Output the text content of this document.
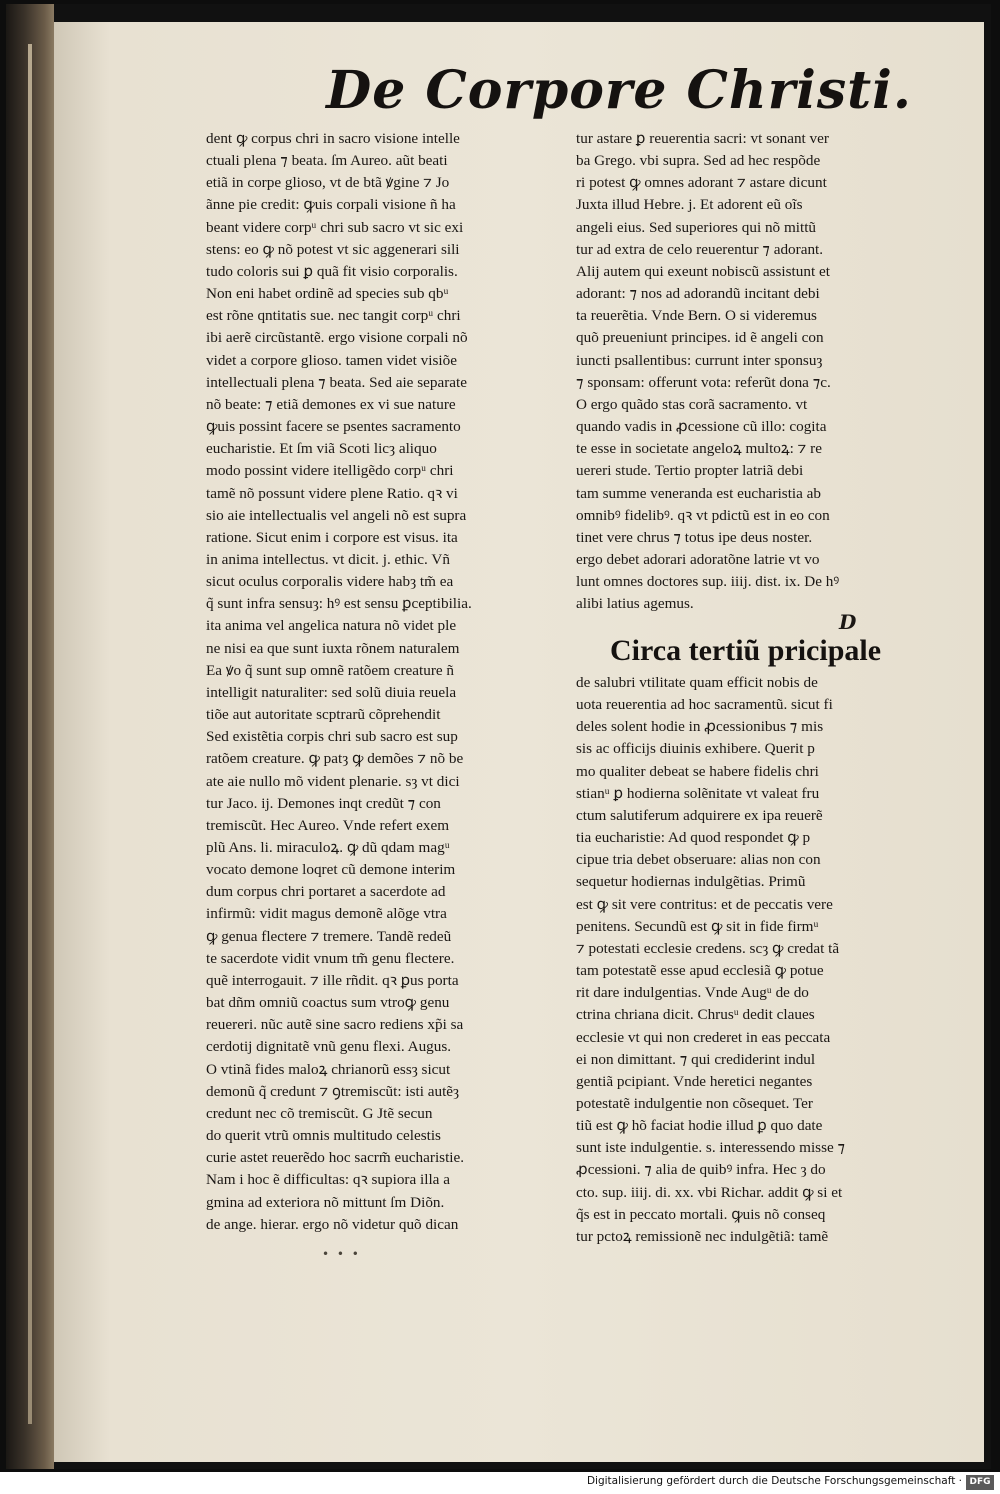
De Corpore Christi.

dent ꝙ corpus chri in sacro visione intelle

ctuali plena ⁊ beata. ſm Aureo. aũt beati

etiã in corpe glioso, vt de btã ꝟgine ⁊ Jo

ãnne pie credit: ꝙuis corpali visione ñ ha

beant videre corpᵘ chri sub sacro vt sic exi

stens: eo ꝙ nõ potest vt sic aggenerari sili

tudo coloris sui ꝑ quã fit visio corporalis.

Non eni habet ordinẽ ad species sub qbᵘ

est rõne qntitatis sue. nec tangit corpᵘ chri

ibi aerẽ circũstantẽ. ergo visione corpali nõ

videt a corpore glioso. tamen videt visiõe

intellectuali plena ⁊ beata. Sed aie separate

nõ beate: ⁊ etiã demones ex vi sue nature

ꝙuis possint facere se psentes sacramento

eucharistie. Et ſm viã Scoti licȝ aliquo

modo possint videre itelligẽdo corpᵘ chri

tamẽ nõ possunt videre plene Ratio. qꝛ vi

sio aie intellectualis vel angeli nõ est supra

ratione. Sicut enim i corpore est visus. ita

in anima intellectus. vt dicit. j. ethic. Vñ

sicut oculus corporalis videre habȝ tm̃ ea

q̃ sunt infra sensuȝ: hꝰ est sensu ꝑceptibilia.

ita anima vel angelica natura nõ videt ple

ne nisi ea que sunt iuxta rõnem naturalem

Ea ꝟo q̃ sunt sup omnẽ ratõem creature ñ

intelligit naturaliter: sed solũ diuia reuela

tiõe aut autoritate scptrarũ cõprehendit

Sed existẽtia corpis chri sub sacro est sup

ratõem creature. ꝙ patȝ ꝙ demões ⁊ nõ be

ate aie nullo mõ vident plenarie. sȝ vt dici

tur Jaco. ij. Demones inqt credũt ⁊ con

tremiscũt. Hec Aureo. Vnde refert exem

plũ Ans. li. miraculoꝝ. ꝙ dũ qdam magᵘ

vocato demone loqret cũ demone interim

dum corpus chri portaret a sacerdote ad

infirmũ: vidit magus demonẽ alõge vtra

ꝙ genua flectere ⁊ tremere. Tandẽ redeũ

te sacerdote vidit vnum tm̃ genu flectere.

quẽ interrogauit. ⁊ ille rñdit. qꝛ ꝑus porta

bat dñm omniũ coactus sum vtroꝙ genu

reuereri. nũc autẽ sine sacro rediens xp̃i sa

cerdotij dignitatẽ vnũ genu flexi. Augus.

O vtinã fides maloꝝ chrianorũ essȝ sicut

demonũ q̃ credunt ⁊ ꝯtremiscũt: isti autẽȝ

credunt nec cõ tremiscũt. G Jtẽ secun

do querit vtrũ omnis multitudo celestis

curie astet reuerẽdo hoc sacrm̃ eucharistie.

Nam i hoc ẽ difficultas: qꝛ supiora illa a

gmina ad exteriora nõ mittunt ſm Diõn.

de ange. hierar. ergo nõ videtur quõ dican

tur astare ꝑ reuerentia sacri: vt sonant ver

ba Grego. vbi supra. Sed ad hec respõde

ri potest ꝙ omnes adorant ⁊ astare dicunt

Juxta illud Hebre. j. Et adorent eũ oĩs

angeli eius. Sed superiores qui nõ mittũ

tur ad extra de celo reuerentur ⁊ adorant.

Alij autem qui exeunt nobiscũ assistunt et

adorant: ⁊ nos ad adorandũ incitant debi

ta reuerẽtia. Vnde Bern. O si videremus

quõ preueniunt principes. id ẽ angeli con

iuncti psallentibus: currunt inter sponsuȝ

⁊ sponsam: offerunt vota: referũt dona ⁊c.

O ergo quãdo stas corã sacramento. vt

quando vadis in ꝓcessione cũ illo: cogita

te esse in societate angeloꝝ multoꝝ: ⁊ re

uereri stude. Tertio propter latriã debi

tam summe veneranda est eucharistia ab

omnibꝰ fidelibꝰ. qꝛ vt pdictũ est in eo con

tinet vere chrus ⁊ totus ipe deus noster.

ergo debet adorari adoratõne latrie vt vo

lunt omnes doctores sup. iiij. dist. ix. De hꝰ

alibi latius agemus.

D
Circa tertiũ pricipale

de salubri vtilitate quam efficit nobis de

uota reuerentia ad hoc sacramentũ. sicut fi

deles solent hodie in ꝓcessionibus ⁊ mis

sis ac officijs diuinis exhibere. Querit p

mo qualiter debeat se habere fidelis chri

stianᵘ ꝑ hodierna solẽnitate vt valeat fru

ctum salutiferum adquirere ex ipa reuerẽ

tia eucharistie: Ad quod respondet ꝙ p

cipue tria debet obseruare: alias non con

sequetur hodiernas indulgẽtias. Primũ

est ꝙ sit vere contritus: et de peccatis vere

penitens. Secundũ est ꝙ sit in fide firmᵘ

⁊ potestati ecclesie credens. scȝ ꝙ credat tã

tam potestatẽ esse apud ecclesiã ꝙ potue

rit dare indulgentias. Vnde Augᵘ de do

ctrina chriana dicit. Chrusᵘ dedit claues

ecclesie vt qui non crederet in eas peccata

ei non dimittant. ⁊ qui crediderint indul

gentiã pcipiant. Vnde heretici negantes

potestatẽ indulgentie non cõsequet. Ter

tiũ est ꝙ hõ faciat hodie illud ꝑ quo date

sunt iste indulgentie. s. interessendo misse ⁊

ꝓcessioni. ⁊ alia de quibꝰ infra. Hec ȝ do

cto. sup. iiij. di. xx. vbi Richar. addit ꝙ si et

q̃s est in peccato mortali. ꝙuis nõ conseq

tur pctoꝝ remissionẽ nec indulgẽtiã: tamẽ

• • •
Digitalisierung gefördert durch die Deutsche Forschungsgemeinschaft · DFG
